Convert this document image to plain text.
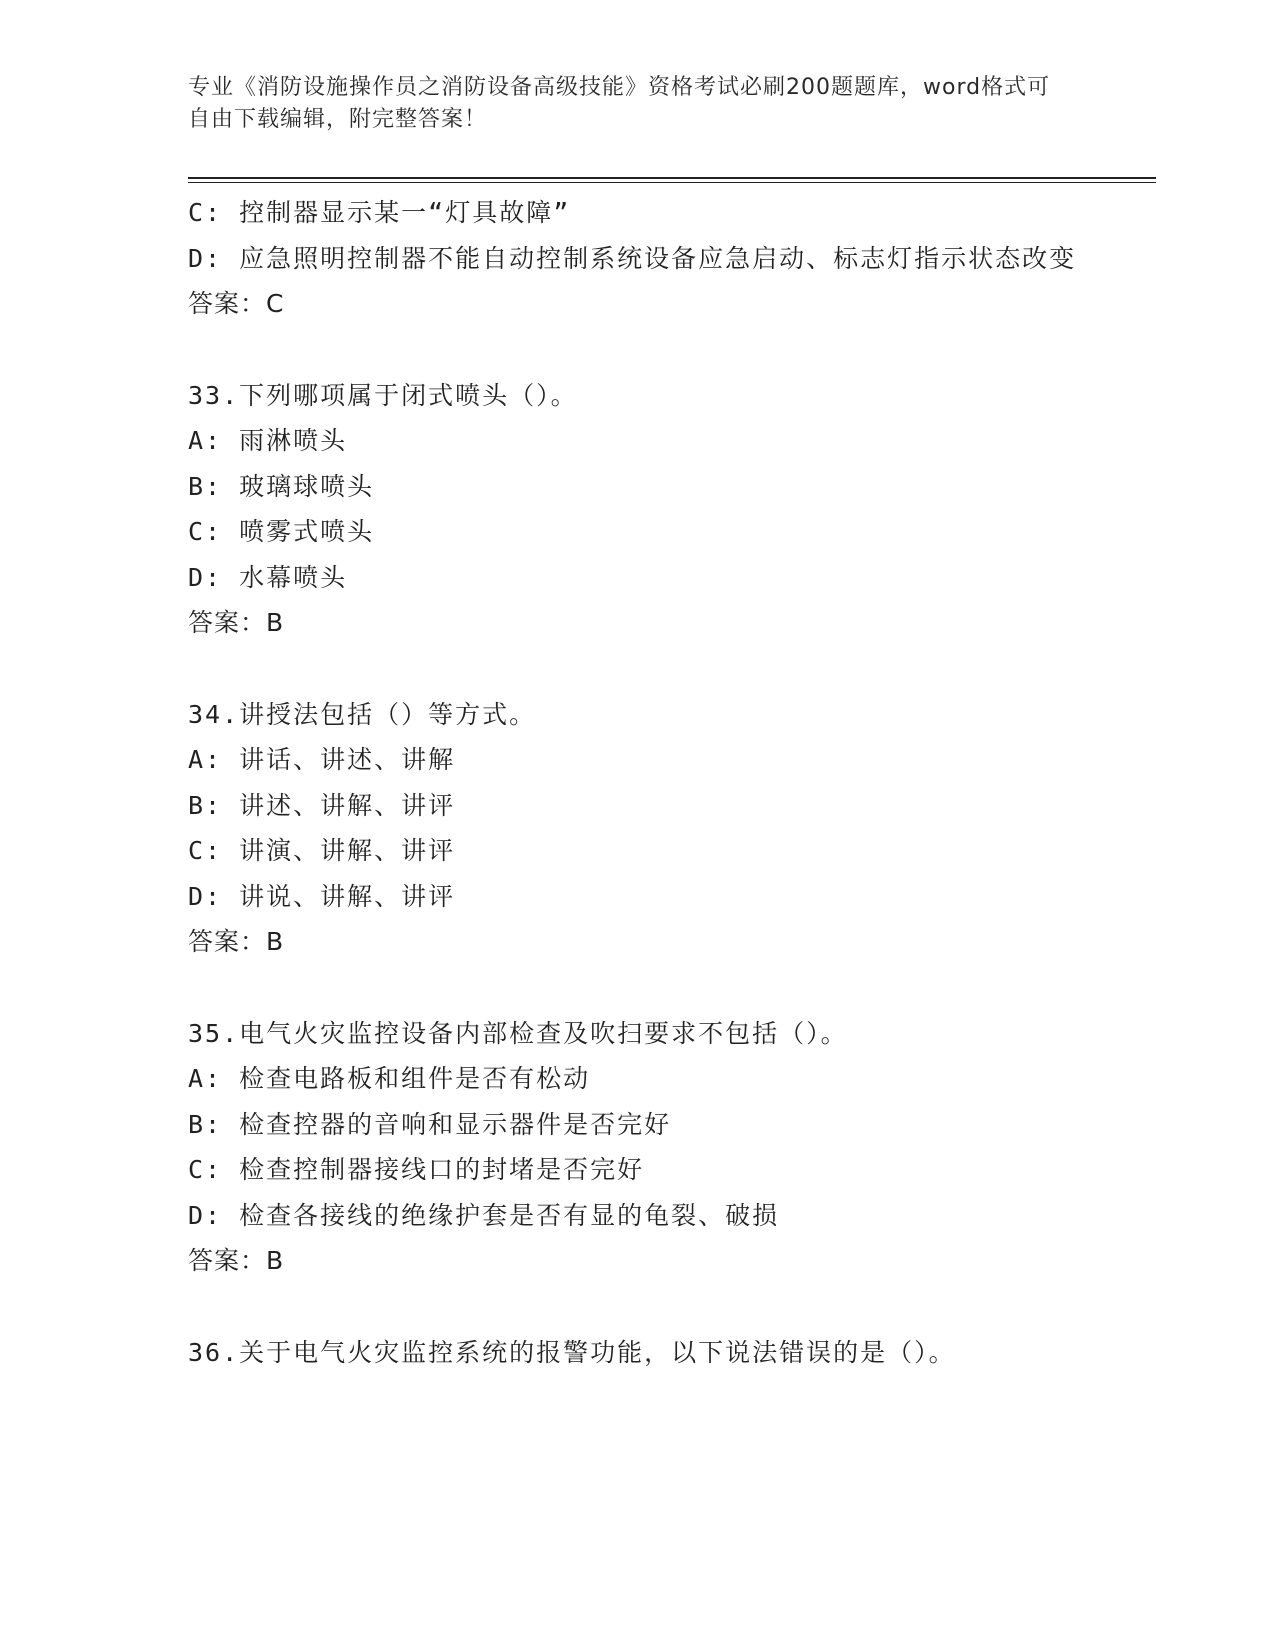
专业《消防设施操作员之消防设备高级技能》资格考试必刷200题题库，word格式可自由下载编辑，附完整答案！
C: 控制器显示某一“灯具故障”
D: 应急照明控制器不能自动控制系统设备应急启动、标志灯指示状态改变
答案：C
33.下列哪项属于闭式喷头（）。
A: 雨淋喷头
B: 玻璃球喷头
C: 喷雾式喷头
D: 水幕喷头
答案：B
34.讲授法包括（）等方式。
A: 讲话、讲述、讲解
B: 讲述、讲解、讲评
C: 讲演、讲解、讲评
D: 讲说、讲解、讲评
答案：B
35.电气火灾监控设备内部检查及吹扫要求不包括（）。
A: 检查电路板和组件是否有松动
B: 检查控器的音响和显示器件是否完好
C: 检查控制器接线口的封堵是否完好
D: 检查各接线的绝缘护套是否有显的龟裂、破损
答案：B
36.关于电气火灾监控系统的报警功能，以下说法错误的是（）。
